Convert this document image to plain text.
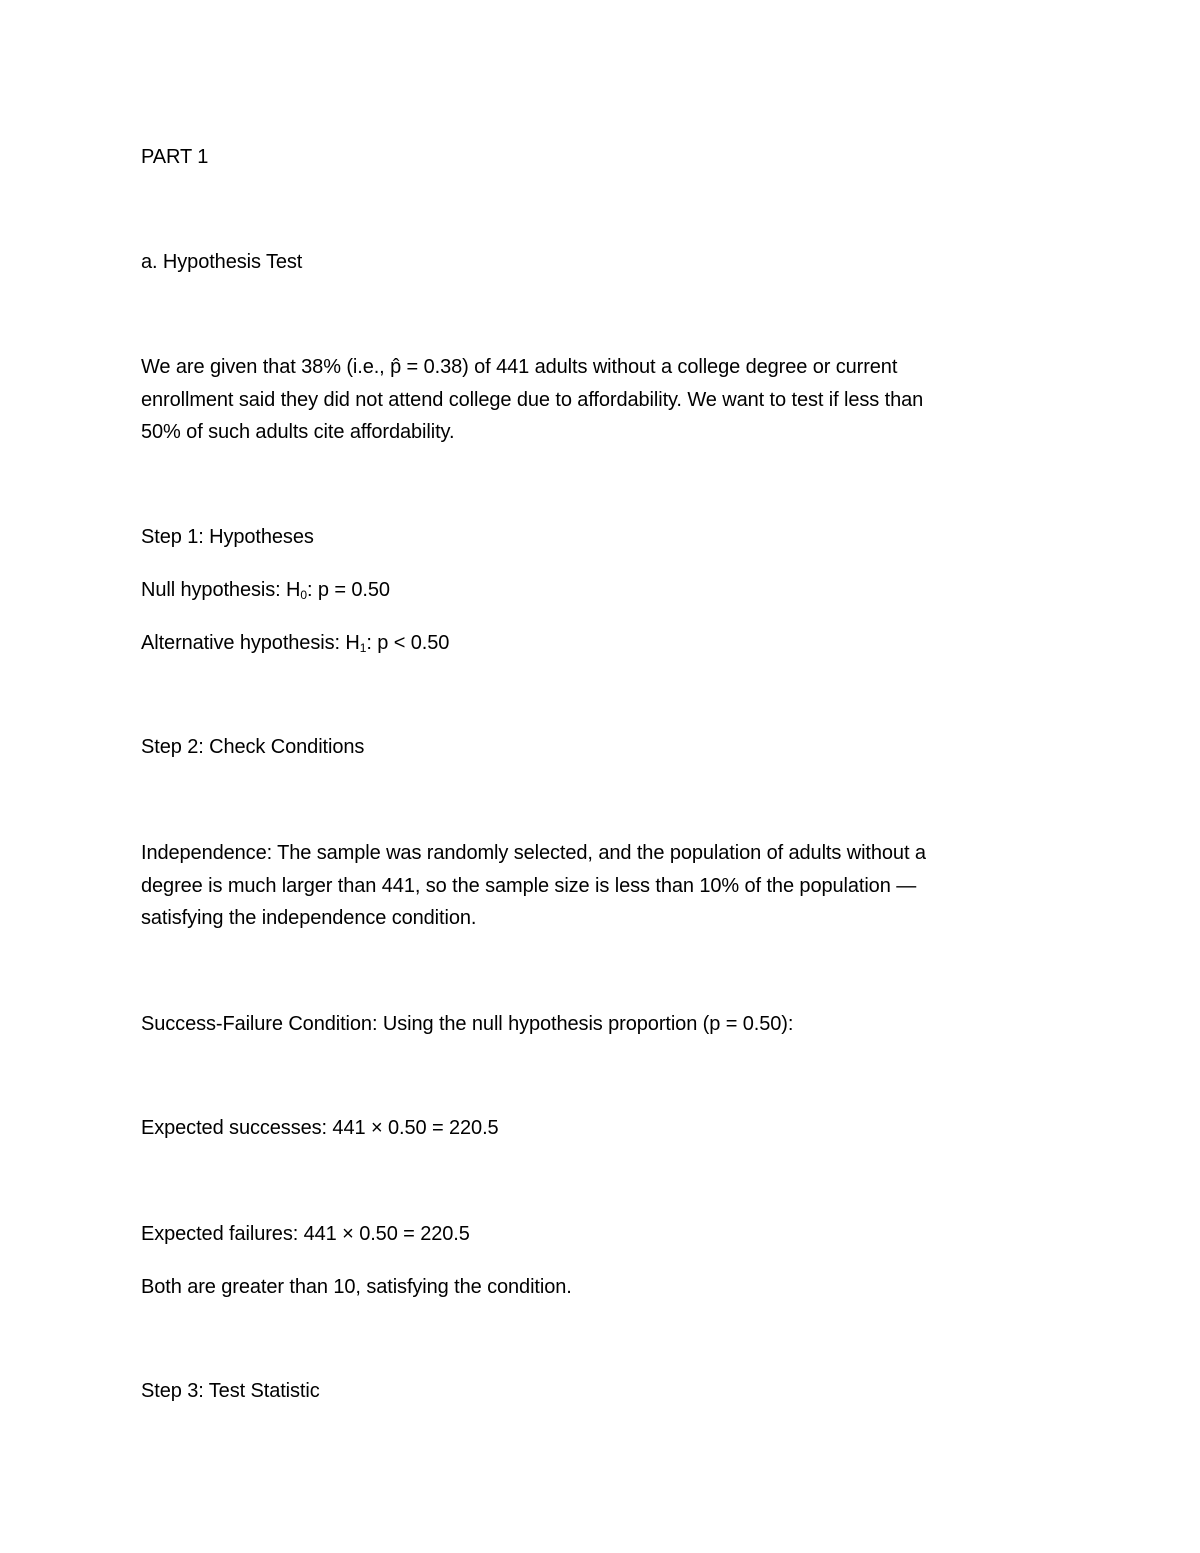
PART 1

a. Hypothesis Test

We are given that 38% (i.e., p̂ = 0.38) of 441 adults without a college degree or current
enrollment said they did not attend college due to affordability. We want to test if less than
50% of such adults cite affordability.

Step 1: Hypotheses

Null hypothesis: $H_0$: p = 0.50

Alternative hypothesis: $H_1$: p < 0.50

Step 2: Check Conditions

Independence: The sample was randomly selected, and the population of adults without a
degree is much larger than 441, so the sample size is less than 10% of the population —
satisfying the independence condition.

Success-Failure Condition: Using the null hypothesis proportion (p = 0.50):

Expected successes: 441 × 0.50 = 220.5

Expected failures: 441 × 0.50 = 220.5

Both are greater than 10, satisfying the condition.

Step 3: Test Statistic
